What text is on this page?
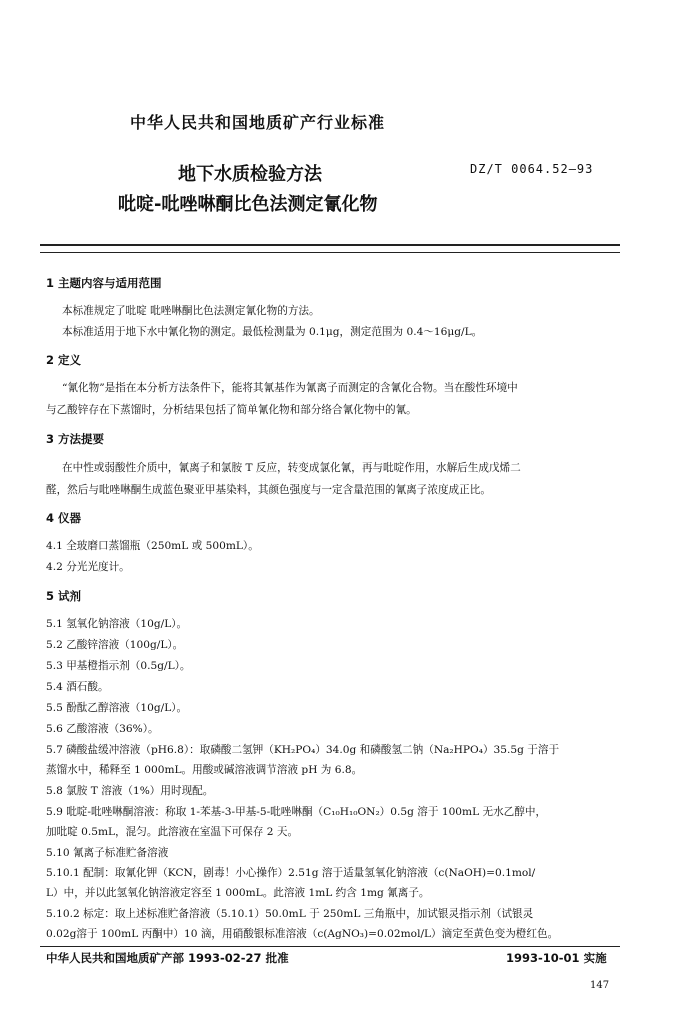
中华人民共和国地质矿产行业标准
地下水质检验方法
吡啶-吡唑啉酮比色法测定氰化物
DZ/T 0064.52—93
1 主题内容与适用范围
本标准规定了吡啶 吡唑啉酮比色法测定氰化物的方法。
本标准适用于地下水中氰化物的测定。最低检测量为 0.1μg，测定范围为 0.4～16μg/L。
2 定义
“氰化物”是指在本分析方法条件下，能将其氰基作为氰离子而测定的含氰化合物。当在酸性环境中
与乙酸锌存在下蒸馏时，分析结果包括了简单氰化物和部分络合氰化物中的氰。
3 方法提要
在中性或弱酸性介质中，氰离子和氯胺 T 反应，转变成氯化氰，再与吡啶作用，水解后生成戊烯二
醛，然后与吡唑啉酮生成蓝色聚亚甲基染料，其颜色强度与一定含量范围的氰离子浓度成正比。
4 仪器
4.1 全玻磨口蒸馏瓶（250mL 或 500mL）。
4.2 分光光度计。
5 试剂
5.1 氢氧化钠溶液（10g/L）。
5.2 乙酸锌溶液（100g/L）。
5.3 甲基橙指示剂（0.5g/L）。
5.4 酒石酸。
5.5 酚酞乙醇溶液（10g/L）。
5.6 乙酸溶液（36%）。
5.7 磷酸盐缓冲溶液（pH6.8）：取磷酸二氢钾（KH₂PO₄）34.0g 和磷酸氢二钠（Na₂HPO₄）35.5g 于溶于
蒸馏水中，稀释至 1 000mL。用酸或碱溶液调节溶液 pH 为 6.8。
5.8 氯胺 T 溶液（1%）用时现配。
5.9 吡啶-吡唑啉酮溶液：称取 1-苯基-3-甲基-5-吡唑啉酮（C₁₀H₁₀ON₂）0.5g 溶于 100mL 无水乙醇中，
加吡啶 0.5mL，混匀。此溶液在室温下可保存 2 天。
5.10 氰离子标准贮备溶液
5.10.1 配制：取氰化钾（KCN，剧毒！小心操作）2.51g 溶于适量氢氧化钠溶液（c(NaOH)=0.1mol/
L）中，并以此氢氧化钠溶液定容至 1 000mL。此溶液 1mL 约含 1mg 氰离子。
5.10.2 标定：取上述标准贮备溶液（5.10.1）50.0mL 于 250mL 三角瓶中，加试银灵指示剂（试银灵
0.02g溶于 100mL 丙酮中）10 滴，用硝酸银标准溶液（c(AgNO₃)=0.02mol/L）滴定至黄色变为橙红色。
中华人民共和国地质矿产部 1993-02-27 批准	1993-10-01 实施
147
